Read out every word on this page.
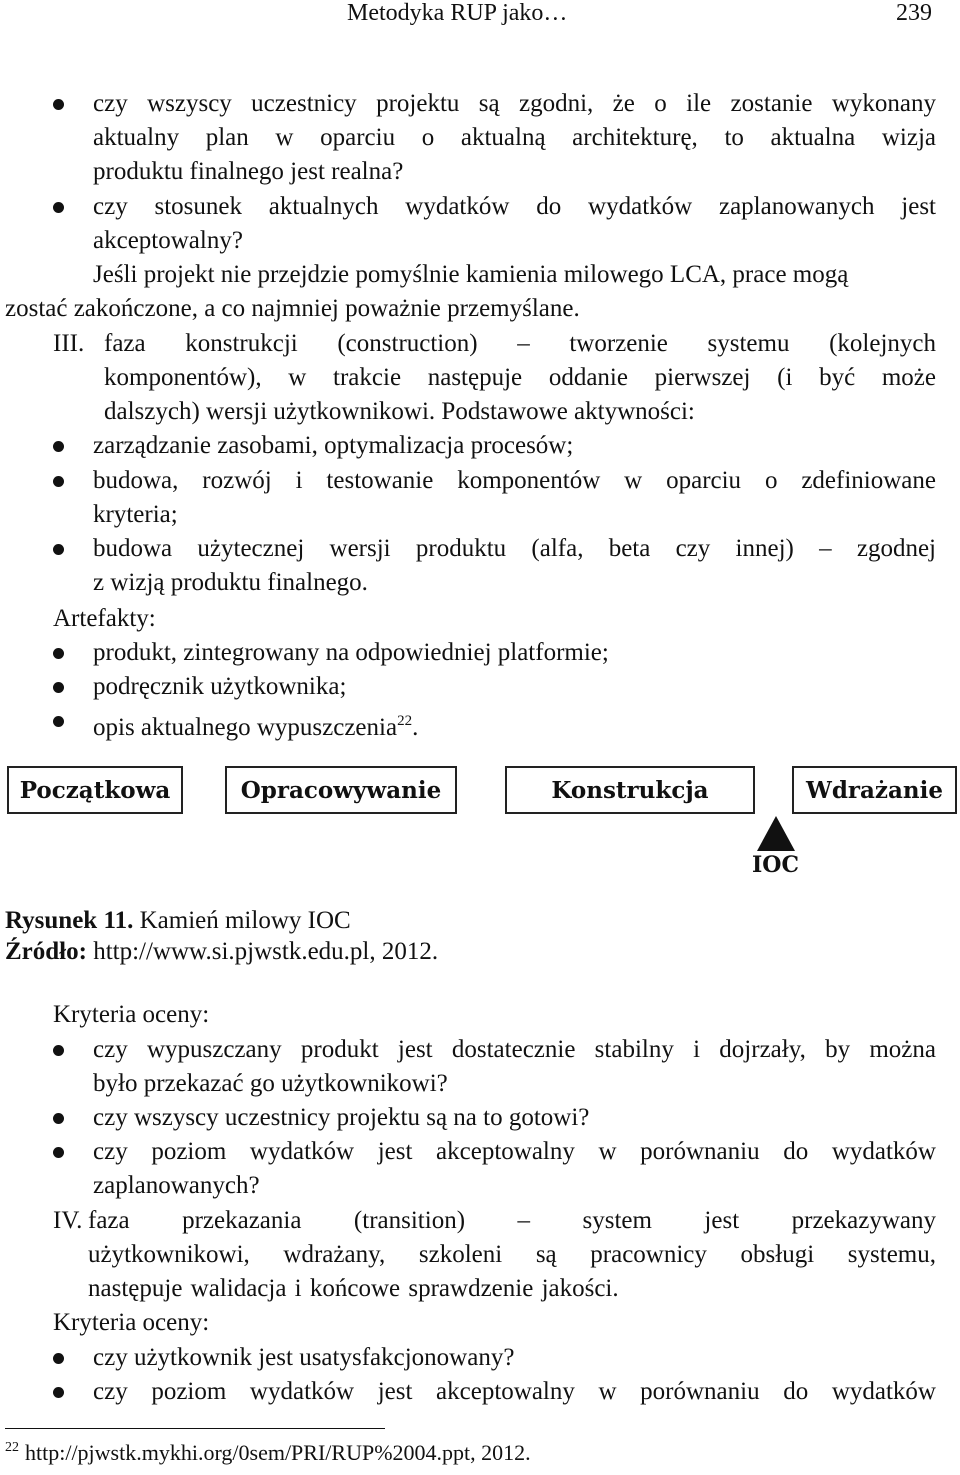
Metodyka RUP jako…	239
czy wszyscy uczestnicy projektu są zgodni, że o ile zostanie wykonany
aktualny plan w oparciu o aktualną architekturę, to aktualna wizja
produktu finalnego jest realna?
czy stosunek aktualnych wydatków do wydatków zaplanowanych jest
akceptowalny?
Jeśli projekt nie przejdzie pomyślnie kamienia milowego LCA, prace mogą
zostać zakończone, a co najmniej poważnie przemyślane.
III. faza konstrukcji (construction) – tworzenie systemu (kolejnych
komponentów), w trakcie następuje oddanie pierwszej (i być może
dalszych) wersji użytkownikowi. Podstawowe aktywności:
zarządzanie zasobami, optymalizacja procesów;
budowa, rozwój i testowanie komponentów w oparciu o zdefiniowane
kryteria;
budowa użytecznej wersji produktu (alfa, beta czy innej) – zgodnej
z wizją produktu finalnego.
Artefakty:
produkt, zintegrowany na odpowiedniej platformie;
podręcznik użytkownika;
opis aktualnego wypuszczenia$^{22}$.
Początkowa	Opracowywanie	Konstrukcja	Wdrażanie
IOC
Rysunek 11. Kamień milowy IOC
Źródło: http://www.si.pjwstk.edu.pl, 2012.
Kryteria oceny:
czy wypuszczany produkt jest dostatecznie stabilny i dojrzały, by można
było przekazać go użytkownikowi?
czy wszyscy uczestnicy projektu są na to gotowi?
czy poziom wydatków jest akceptowalny w porównaniu do wydatków
zaplanowanych?
IV. faza przekazania (transition) – system jest przekazywany
użytkownikowi, wdrażany, szkoleni są pracownicy obsługi systemu,
następuje walidacja i końcowe sprawdzenie jakości.
Kryteria oceny:
czy użytkownik jest usatysfakcjonowany?
czy poziom wydatków jest akceptowalny w porównaniu do wydatków
$^{22}$ http://pjwstk.mykhi.org/0sem/PRI/RUP%2004.ppt, 2012.
